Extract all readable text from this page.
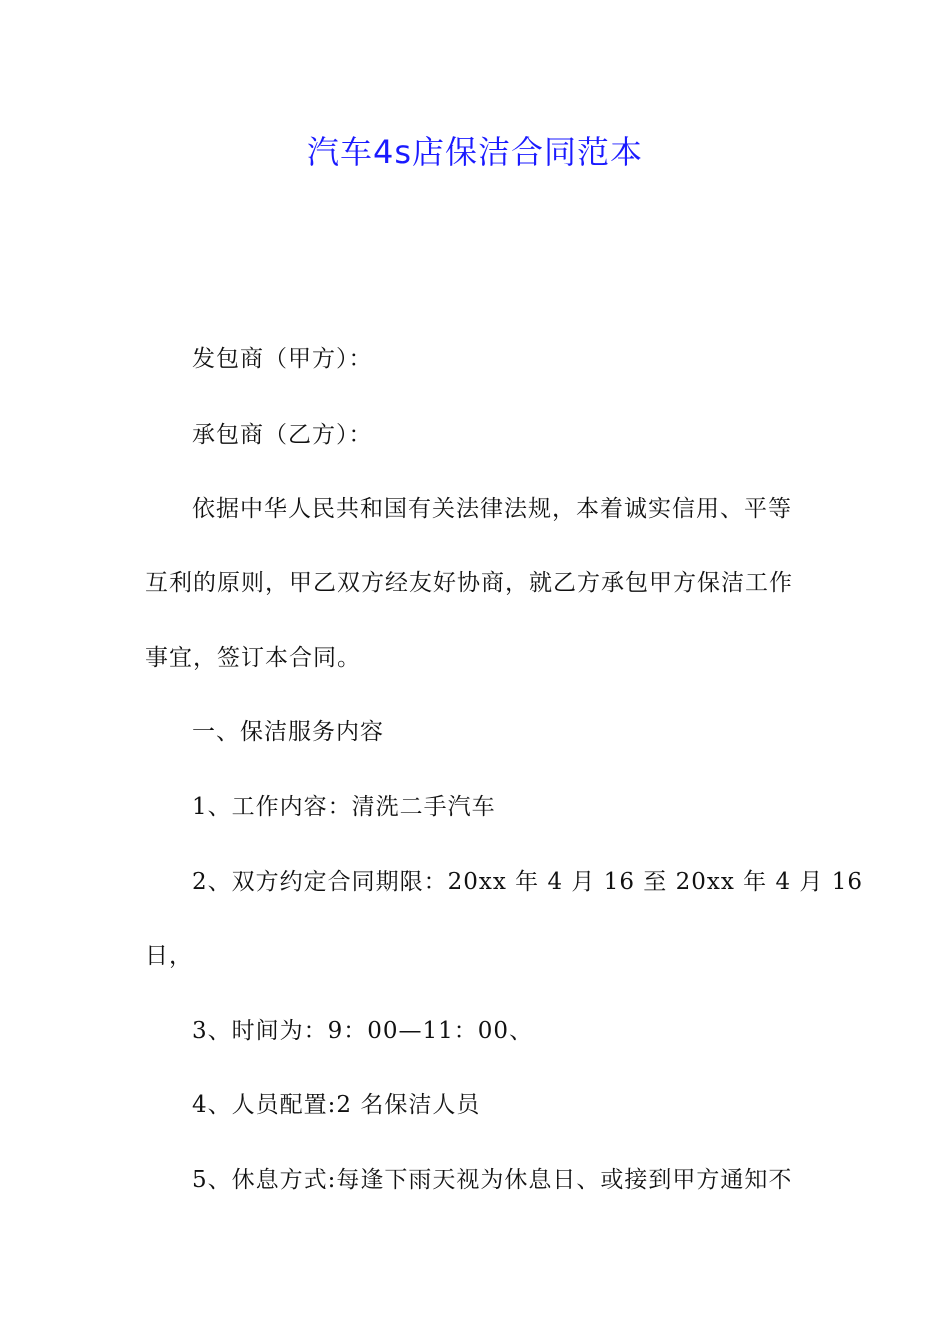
汽车4s店保洁合同范本
发包商（甲方）：
承包商（乙方）：
依据中华人民共和国有关法律法规，本着诚实信用、平等
互利的原则，甲乙双方经友好协商，就乙方承包甲方保洁工作
事宜，签订本合同。
一、保洁服务内容
1、工作内容：清洗二手汽车
2、双方约定合同期限：20xx 年 4 月 16 至 20xx 年 4 月 16
日，
3、时间为：9：00—11：00、
4、人员配置:2 名保洁人员
5、休息方式:每逢下雨天视为休息日、或接到甲方通知不
